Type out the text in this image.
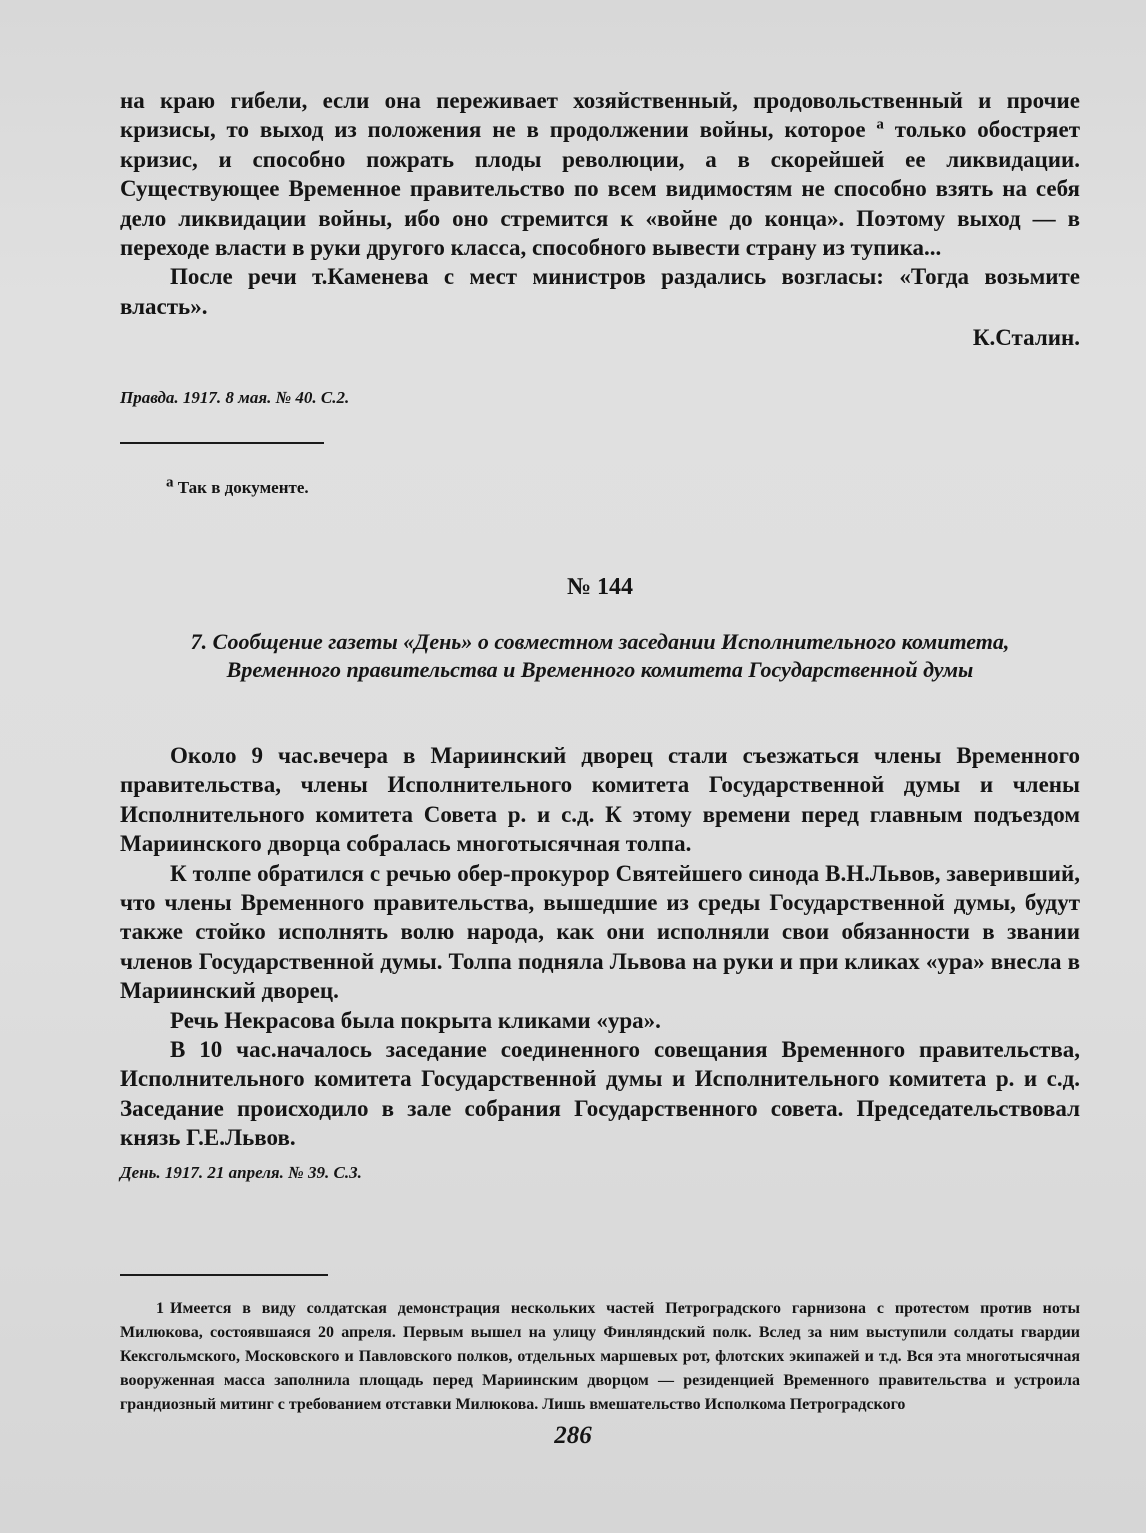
на краю гибели, если она переживает хозяйственный, продовольственный и прочие кризисы, то выход из положения не в продолжении войны, которое $^а$ только обостряет кризис, и способно пожрать плоды революции, а в скорейшей ее ликвидации. Существующее Временное правительство по всем видимостям не способно взять на себя дело ликвидации войны, ибо оно стремится к «войне до конца». Поэтому выход — в переходе власти в руки другого класса, способного вывести страну из тупика...

После речи т.Каменева с мест министров раздались возгласы: «Тогда возьмите власть».

К.Сталин.

Правда. 1917. 8 мая. № 40. С.2.

$^а$ Так в документе.

№ 144

7. Сообщение газеты «День» о совместном заседании Исполнительного комитета, Временного правительства и Временного комитета Государственной думы

Около 9 час.вечера в Мариинский дворец стали съезжаться члены Временного правительства, члены Исполнительного комитета Государственной думы и члены Исполнительного комитета Совета р. и с.д. К этому времени перед главным подъездом Мариинского дворца собралась многотысячная толпа.

К толпе обратился с речью обер-прокурор Святейшего синода В.Н.Львов, заверивший, что члены Временного правительства, вышедшие из среды Государственной думы, будут также стойко исполнять волю народа, как они исполняли свои обязанности в звании членов Государственной думы. Толпа подняла Львова на руки и при кликах «ура» внесла в Мариинский дворец.

Речь Некрасова была покрыта кликами «ура».

В 10 час.началось заседание соединенного совещания Временного правительства, Исполнительного комитета Государственной думы и Исполнительного комитета р. и с.д. Заседание происходило в зале собрания Государственного совета. Председательствовал князь Г.Е.Львов.

День. 1917. 21 апреля. № 39. С.3.

1 Имеется в виду солдатская демонстрация нескольких частей Петроградского гарнизона с протестом против ноты Милюкова, состоявшаяся 20 апреля. Первым вышел на улицу Финляндский полк. Вслед за ним выступили солдаты гвардии Кексгольмского, Московского и Павловского полков, отдельных маршевых рот, флотских экипажей и т.д. Вся эта многотысячная вооруженная масса заполнила площадь перед Мариинским дворцом — резиденцией Временного правительства и устроила грандиозный митинг с требованием отставки Милюкова. Лишь вмешательство Исполкома Петроградского

286
